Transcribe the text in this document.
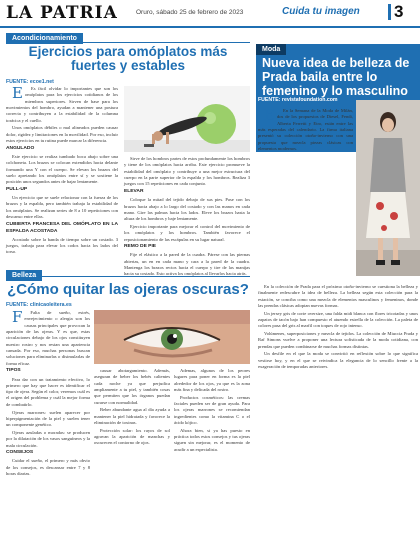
LA PATRIA	Oruro, sábado 25 de febrero de 2023	Cuida tu imagen 3
Acondicionamiento
Ejercicios para omóplatos más fuertes y estables
FUENTE: ecoe1.net

E Es fácil olvidar lo importantes que son los omóplatos para los ejercicios cotidianos de los miembros superiores. Sirven de base para los movimientos del hombro, ayudan a mantener una postura correcta y contribuyen a la estabilidad de la columna torácica y el cuello.

Unos omóplatos débiles o mal alineados pueden causar dolor, rigidez y limitaciones en la movilidad. Por eso, incluir estos ejercicios en tu rutina puede marcar la diferencia.

ANGULADO

Este ejercicio se realiza tumbado boca abajo sobre una colchoneta. Los brazos se colocan extendidos hacia delante formando una Y con el cuerpo. Se elevan los brazos del suelo apretando los omóplatos entre sí y se sostiene la posición unos segundos antes de bajar lentamente.

PULL-UP

Un ejercicio que se suele relacionar con la fuerza de los brazos y la espalda, pero también trabaja la estabilidad de los omóplatos. Se realizan series de 8 a 10 repeticiones con descanso entre ellas.

CUBIERTA FRANCESA DEL OMÓPLATO EN LA ESPALDA ACOSTADA

Acostado sobre la banda de tiempo sobre un costado. 3 juegos, trabaja para elevar los codos hacia los lados del torso.

Sirve de los hombros partes de estos profundamente los hombros y tiene de los omóplatos hacia arriba. Este ejercicio promueve la estabilidad del omóplato y contribuye a una mejor estructura del cuerpo en la parte superior de la espalda y los hombros. Realiza 3 juegos con 15 repeticiones en cada conjunto.

ELEVAR

Coloque la mitad del tejido debajo de sus pies. Pase con los brazos hacia abajo a lo largo del costado y con las manos en cada mano. Gire las palmas hacia los lados. Eleve los brazos hasta la altura de los hombros y baje lentamente.

Ejercicio importante para mejorar el control del movimiento de los omóplatos y los hombros. También favorece el reposicionamiento de las escápulas en su lugar natural.

REMO DE PIE

Fije el elástico a la pared de la cuadra. Párese con las piernas abiertas, un en en cada mano y cara a la pared de la cuadra. Mantenga los brazos rectos hacia el cuerpo y tire de las manijas hacia su costado. Esto activa los omóplatos al llevarlos hacia atrás.

Moda
Nueva idea de belleza de Prada baila entre lo femenino y lo masculino
FUENTE: revistafoundation.com

E En la Semana de la Moda de Milán, dos de los propuestos de Diesel, Fendi, Alberta Ferretti y Etro, están entre las más esperadas del calendario. La firma italiana presentó su colección otoño-invierno con una propuesta que mezcla piezas clásicas con elementos modernos.

En la colección de Prada para el próximo otoño-invierno se cuestiona la belleza y finalmente redescubre la idea de belleza. La belleza según esta colección para la estación, se conciba como una mezcla de elementos masculinos y femeninos, donde las prendas clásicas adoptan nuevas formas.

Un jersey gris de corte oversize, una falda midi blanca con flores tricotadas y unos zapatos de tacón bajo han compuesto el atuendo estrella de la colección. La paleta de colores pasa del gris al marfil con toques de rojo intenso.

Volúmenes, superposiciones y mezcla de tejidos. La colección de Miuccia Prada y Raf Simons vuelve a proponer una lectura sofisticada de la moda cotidiana, con prendas que pueden combinarse de muchas formas distintas.

Un desfile en el que la moda se convirtió en reflexión sobre lo que significa vestirse hoy, y en el que se reivindica la elegancia de lo sencillo frente a la exageración de temporadas anteriores.

Belleza
¿Cómo quitar las ojeras oscuras?
FUENTE: clinicaoleitera.es

F Falta de sueño, estrés, envejecimiento o alergia son los causas principales que provocan la aparición de las ojeras. Y es que, estas circulaciones debajo de los ojos constituyen nuestro rostro y nos restan una apariencia cansada. Por eso, muchas personas buscan soluciones para eliminarlas o disimularlas de forma eficaz.

TIPOS

Para dar con un tratamiento efectivo, lo primero que hay que hacer es identificar el tipo de ojera. Según el color, veremos cuál es el origen del problema y cuál la mejor forma de combatirlo.

Ojeras marrones: suelen aparecer por hiperpigmentación de la piel y suelen tener un componente genético.

Ojeras azuladas o moradas: se producen por la dilatación de los vasos sanguíneos y la mala circulación.

CONSEJOS

Cuidar el sueño, el primero y más obvio de los consejos, es descansar entre 7 y 8 horas diarias.

causar abotargamiento. Además, aseguran de beber los bebés calientes cada noche ya que perjudica ampliamente a tu piel, y también cosas que permiten que los órganos puedan curarse con normalidad.

Beber abundante agua al día ayuda a mantener la piel hidratada y favorece la eliminación de toxinas.

Protección solar: los rayos de sol agravan la aparición de manchas y oscurecen el contorno de ojos.

Ademas, algunos de los peores lugares para poner en forma es la piel alrededor de los ojos, ya que es la zona más fina y delicada del rostro.

Productos cosméticos: las cremas faciales pueden ser de gran ayuda. Para los ojeras marrones se recomiendan ingredientes como la vitamina C o el ácido kójico.

Ahora bien, si ya has puesto en práctica todos estos consejos y tus ojeras siguen sin mejorar, es el momento de acudir a un especialista.
